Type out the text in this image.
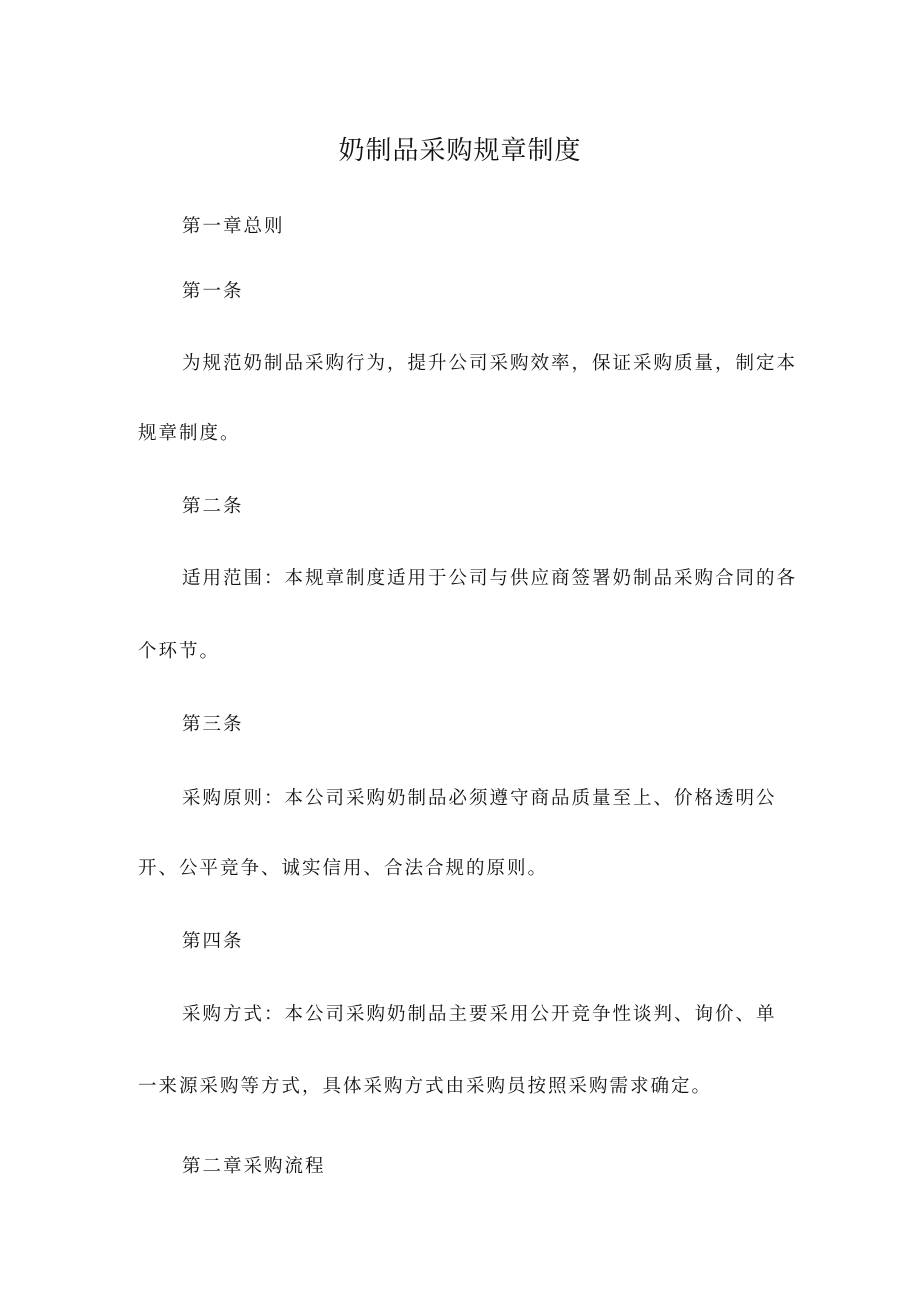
奶制品采购规章制度

第一章总则

第一条

为规范奶制品采购行为，提升公司采购效率，保证采购质量，制定本

规章制度。

第二条

适用范围：本规章制度适用于公司与供应商签署奶制品采购合同的各

个环节。

第三条

采购原则：本公司采购奶制品必须遵守商品质量至上、价格透明公

开、公平竞争、诚实信用、合法合规的原则。

第四条

采购方式：本公司采购奶制品主要采用公开竞争性谈判、询价、单

一来源采购等方式，具体采购方式由采购员按照采购需求确定。

第二章采购流程
